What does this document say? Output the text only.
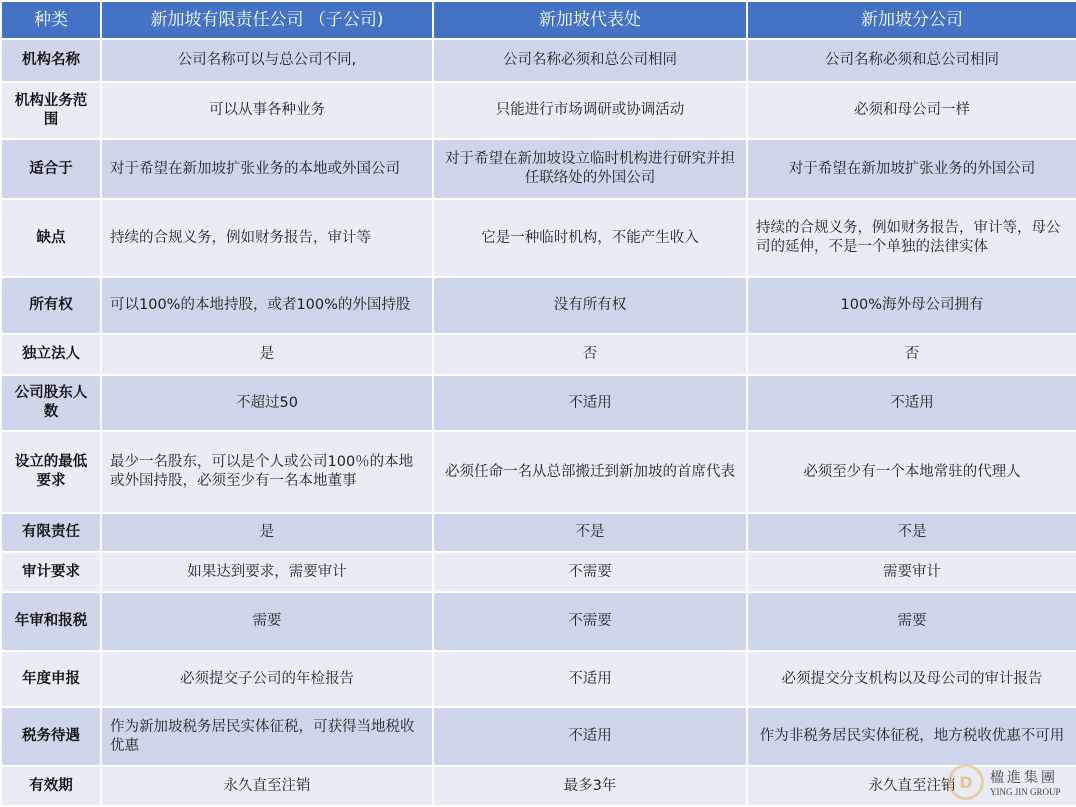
种类	新加坡有限责任公司 （子公司)	新加坡代表处	新加坡分公司
机构名称	公司名称可以与总公司不同,	公司名称必须和总公司相同	公司名称必须和总公司相同
机构业务范围	可以从事各种业务	只能进行市场调研或协调活动	必须和母公司一样
适合于	对于希望在新加坡扩张业务的本地或外国公司	对于希望在新加坡设立临时机构进行研究并担任联络处的外国公司	对于希望在新加坡扩张业务的外国公司
缺点	持续的合规义务，例如财务报告，审计等	它是一种临时机构，不能产生收入	持续的合规义务，例如财务报告，审计等，母公司的延伸，不是一个单独的法律实体
所有权	可以100%的本地持股，或者100%的外国持股	没有所有权	100%海外母公司拥有
独立法人	是	否	否
公司股东人数	不超过50	不适用	不适用
设立的最低要求	最少一名股东，可以是个人或公司100％的本地或外国持股，必须至少有一名本地董事	必须任命一名从总部搬迁到新加坡的首席代表	必须至少有一个本地常驻的代理人
有限责任	是	不是	不是
审计要求	如果达到要求，需要审计	不需要	需要审计
年审和报税	需要	不需要	需要
年度申报	必须提交子公司的年检报告	不适用	必须提交分支机构以及母公司的审计报告
税务待遇	作为新加坡税务居民实体征税，可获得当地税收优惠	不适用	作为非税务居民实体征税，地方税收优惠不可用
有效期	永久直至注销	最多3年	永久直至注销 D	楹進集團
YING JIN GROUP
